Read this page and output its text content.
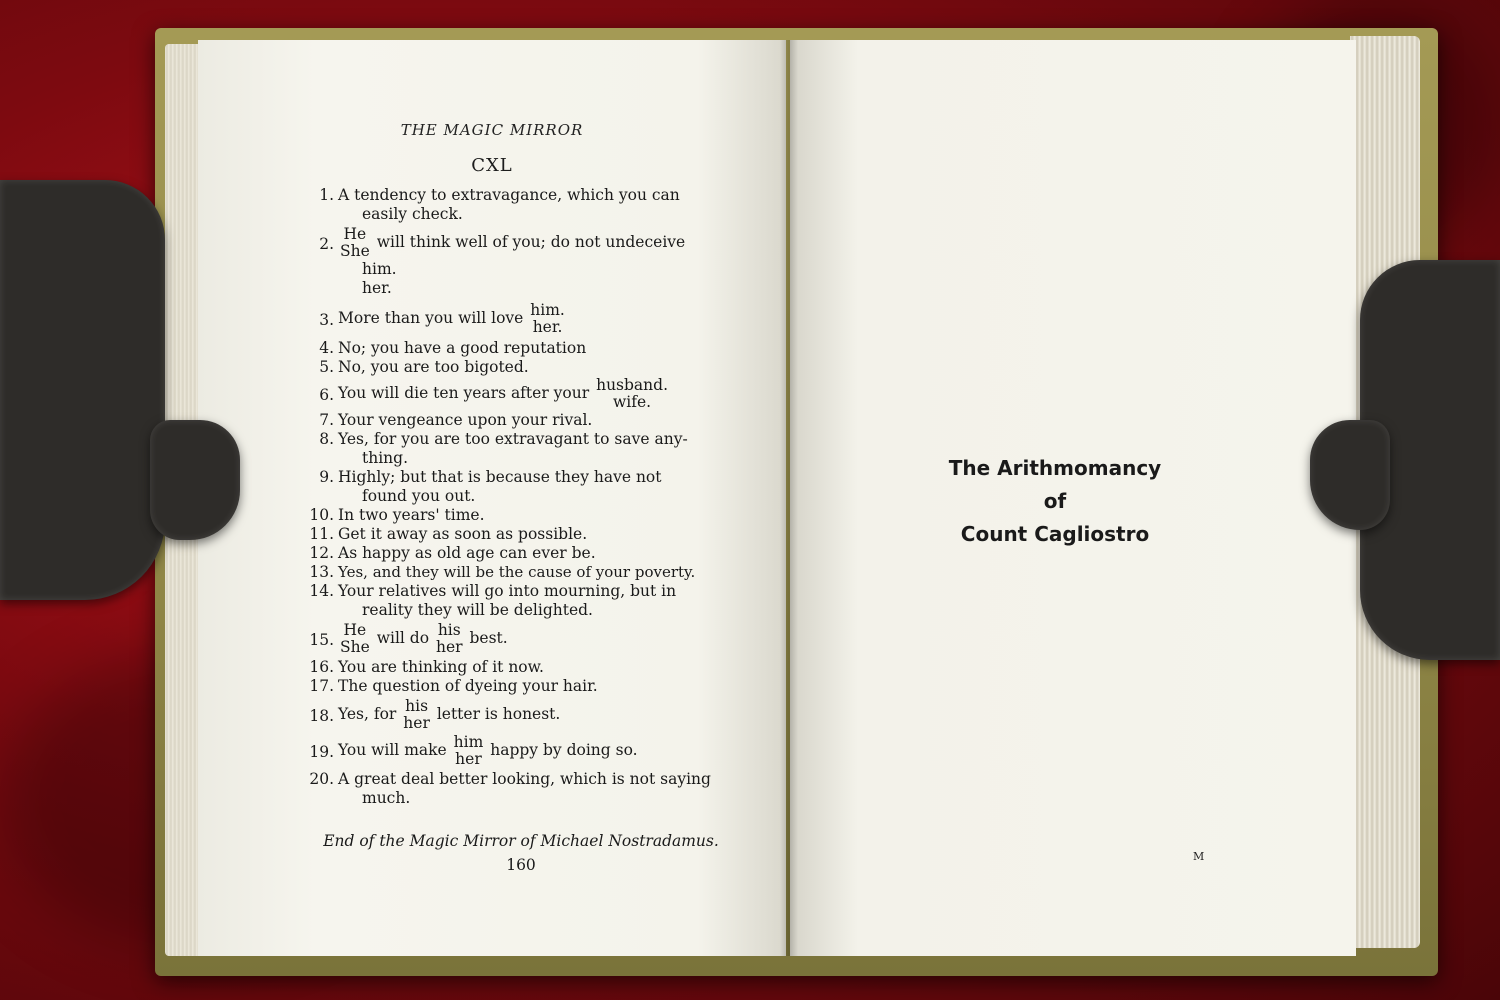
THE MAGIC MIRROR
CXL
1. A tendency to extravagance, which you can
easily check.
2.
He
She will think well of you; do not undeceive
him.
her.
3. More than you will love him.
her.
4. No; you have a good reputation
5. No, you are too bigoted.
6. You will die ten years after your husband.
wife.
7. Your vengeance upon your rival.
8. Yes, for you are too extravagant to save any-
thing.
9. Highly; but that is because they have not
found you out.
10. In two years' time.
11. Get it away as soon as possible.
12. As happy as old age can ever be.
13. Yes, and they will be the cause of your poverty.
14. Your relatives will go into mourning, but in
reality they will be delighted.
15.
He
She will do his
her best.
16. You are thinking of it now.
17. The question of dyeing your hair.
18. Yes, for his
her letter is honest.
19. You will make him
her happy by doing so.
20. A great deal better looking, which is not saying
much.
End of the Magic Mirror of Michael Nostradamus.
160
The Arithmomancy
of
Count Cagliostro
M
